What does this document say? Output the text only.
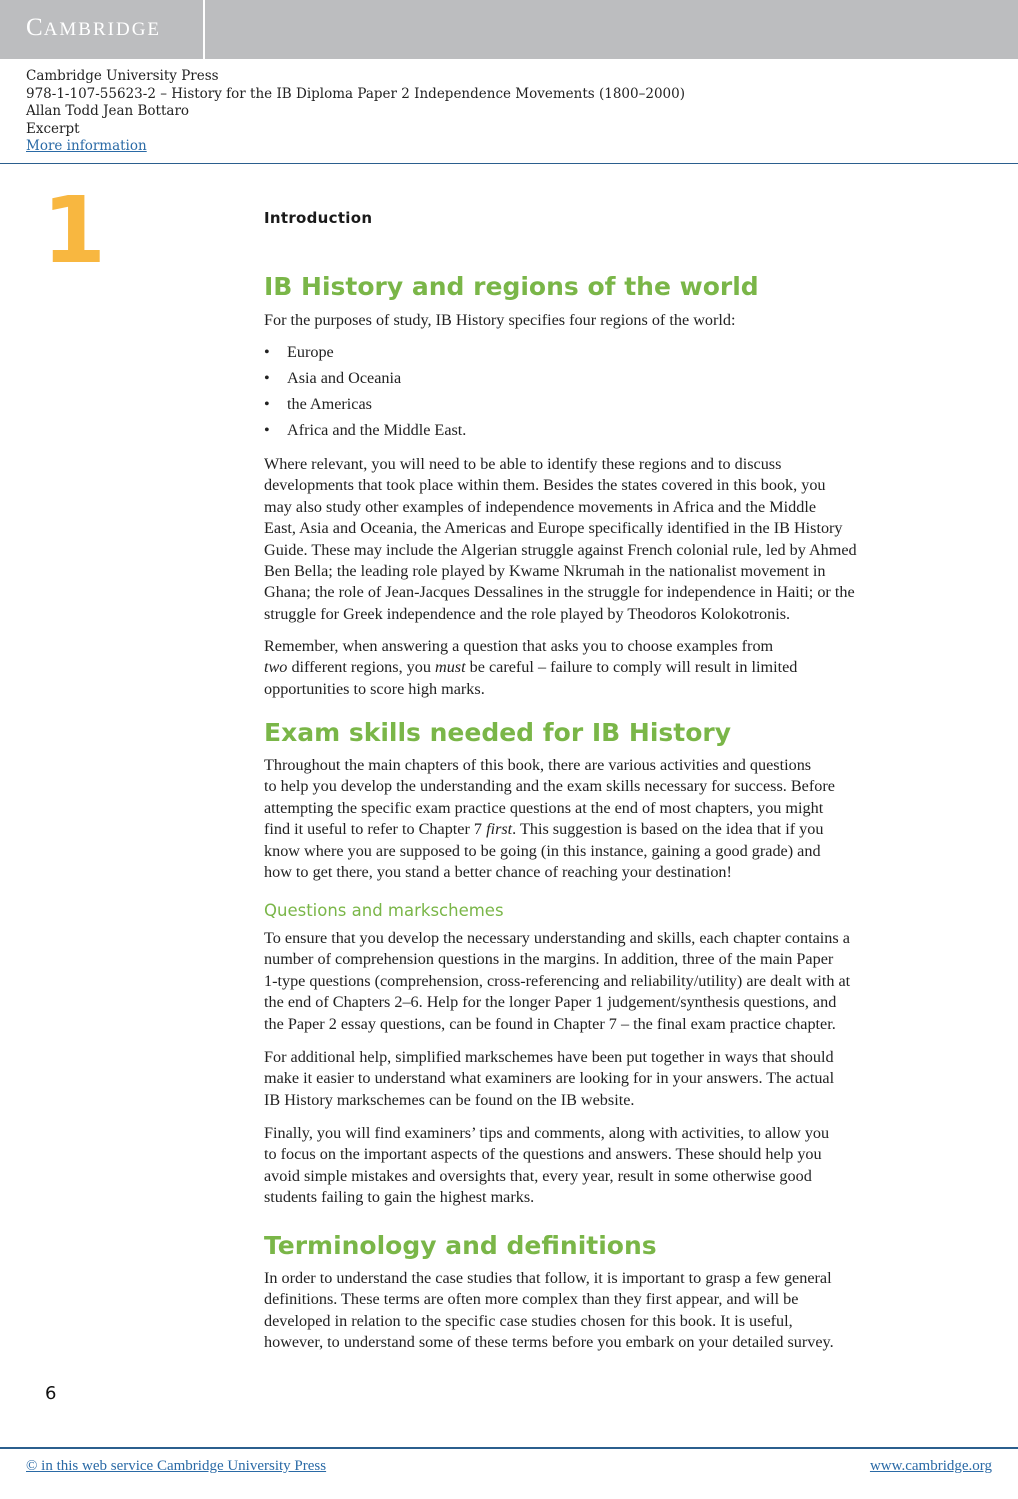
CAMBRIDGE
Cambridge University Press
978-1-107-55623-2 – History for the IB Diploma Paper 2 Independence Movements (1800–2000)
Allan Todd Jean Bottaro
Excerpt
More information
1	Introduction
IB History and regions of the world
For the purposes of study, IB History specifies four regions of the world:
• Europe
• Asia and Oceania
• the Americas
• Africa and the Middle East.
Where relevant, you will need to be able to identify these regions and to discuss
developments that took place within them. Besides the states covered in this book, you
may also study other examples of independence movements in Africa and the Middle
East, Asia and Oceania, the Americas and Europe specifically identified in the IB History
Guide. These may include the Algerian struggle against French colonial rule, led by Ahmed
Ben Bella; the leading role played by Kwame Nkrumah in the nationalist movement in
Ghana; the role of Jean-Jacques Dessalines in the struggle for independence in Haiti; or the
struggle for Greek independence and the role played by Theodoros Kolokotronis.
Remember, when answering a question that asks you to choose examples from
two different regions, you must be careful – failure to comply will result in limited
opportunities to score high marks.
Exam skills needed for IB History
Throughout the main chapters of this book, there are various activities and questions
to help you develop the understanding and the exam skills necessary for success. Before
attempting the specific exam practice questions at the end of most chapters, you might
find it useful to refer to Chapter 7 first. This suggestion is based on the idea that if you
know where you are supposed to be going (in this instance, gaining a good grade) and
how to get there, you stand a better chance of reaching your destination!
Questions and markschemes
To ensure that you develop the necessary understanding and skills, each chapter contains a
number of comprehension questions in the margins. In addition, three of the main Paper
1-type questions (comprehension, cross-referencing and reliability/utility) are dealt with at
the end of Chapters 2–6. Help for the longer Paper 1 judgement/synthesis questions, and
the Paper 2 essay questions, can be found in Chapter 7 – the final exam practice chapter.
For additional help, simplified markschemes have been put together in ways that should
make it easier to understand what examiners are looking for in your answers. The actual
IB History markschemes can be found on the IB website.
Finally, you will find examiners’ tips and comments, along with activities, to allow you
to focus on the important aspects of the questions and answers. These should help you
avoid simple mistakes and oversights that, every year, result in some otherwise good
students failing to gain the highest marks.
Terminology and definitions
In order to understand the case studies that follow, it is important to grasp a few general
definitions. These terms are often more complex than they first appear, and will be
developed in relation to the specific case studies chosen for this book. It is useful,
however, to understand some of these terms before you embark on your detailed survey.
6
© in this web service Cambridge University Press	www.cambridge.org
